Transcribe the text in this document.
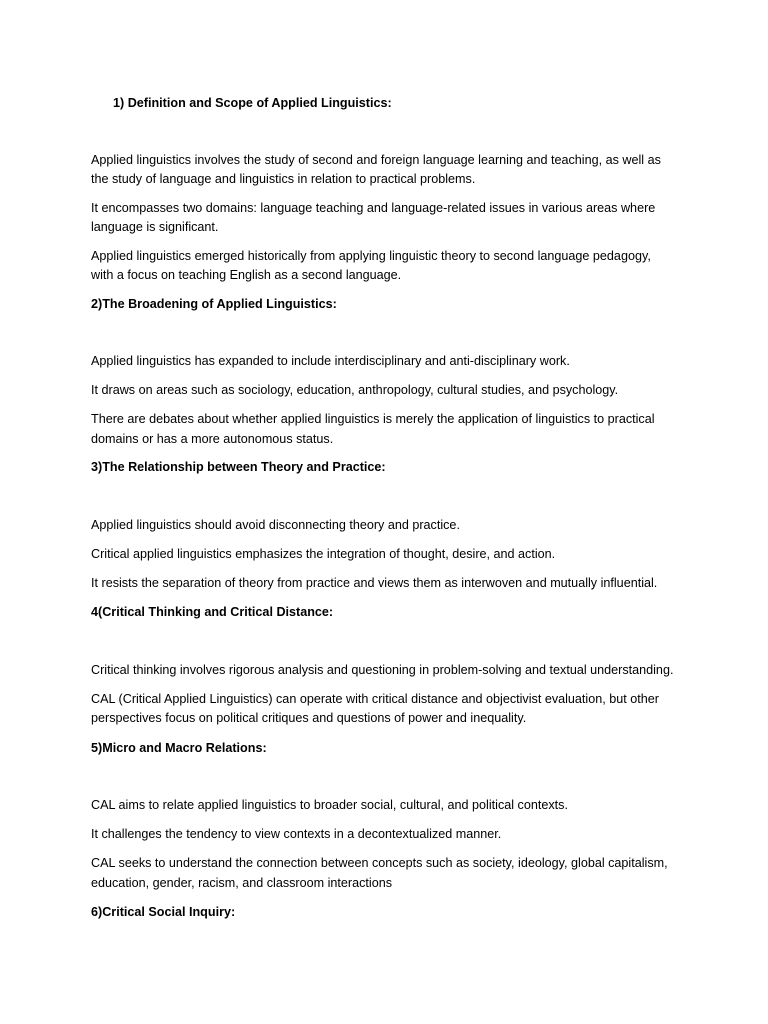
1) Definition and Scope of Applied Linguistics:
Applied linguistics involves the study of second and foreign language learning and teaching, as well as
the study of language and linguistics in relation to practical problems.
It encompasses two domains: language teaching and language-related issues in various areas where
language is significant.
Applied linguistics emerged historically from applying linguistic theory to second language pedagogy,
with a focus on teaching English as a second language.
2)The Broadening of Applied Linguistics:
Applied linguistics has expanded to include interdisciplinary and anti-disciplinary work.
It draws on areas such as sociology, education, anthropology, cultural studies, and psychology.
There are debates about whether applied linguistics is merely the application of linguistics to practical
domains or has a more autonomous status.
3)The Relationship between Theory and Practice:
Applied linguistics should avoid disconnecting theory and practice.
Critical applied linguistics emphasizes the integration of thought, desire, and action.
It resists the separation of theory from practice and views them as interwoven and mutually influential.
4(Critical Thinking and Critical Distance:
Critical thinking involves rigorous analysis and questioning in problem-solving and textual understanding.
CAL (Critical Applied Linguistics) can operate with critical distance and objectivist evaluation, but other
perspectives focus on political critiques and questions of power and inequality.
5)Micro and Macro Relations:
CAL aims to relate applied linguistics to broader social, cultural, and political contexts.
It challenges the tendency to view contexts in a decontextualized manner.
CAL seeks to understand the connection between concepts such as society, ideology, global capitalism,
education, gender, racism, and classroom interactions
6)Critical Social Inquiry:
